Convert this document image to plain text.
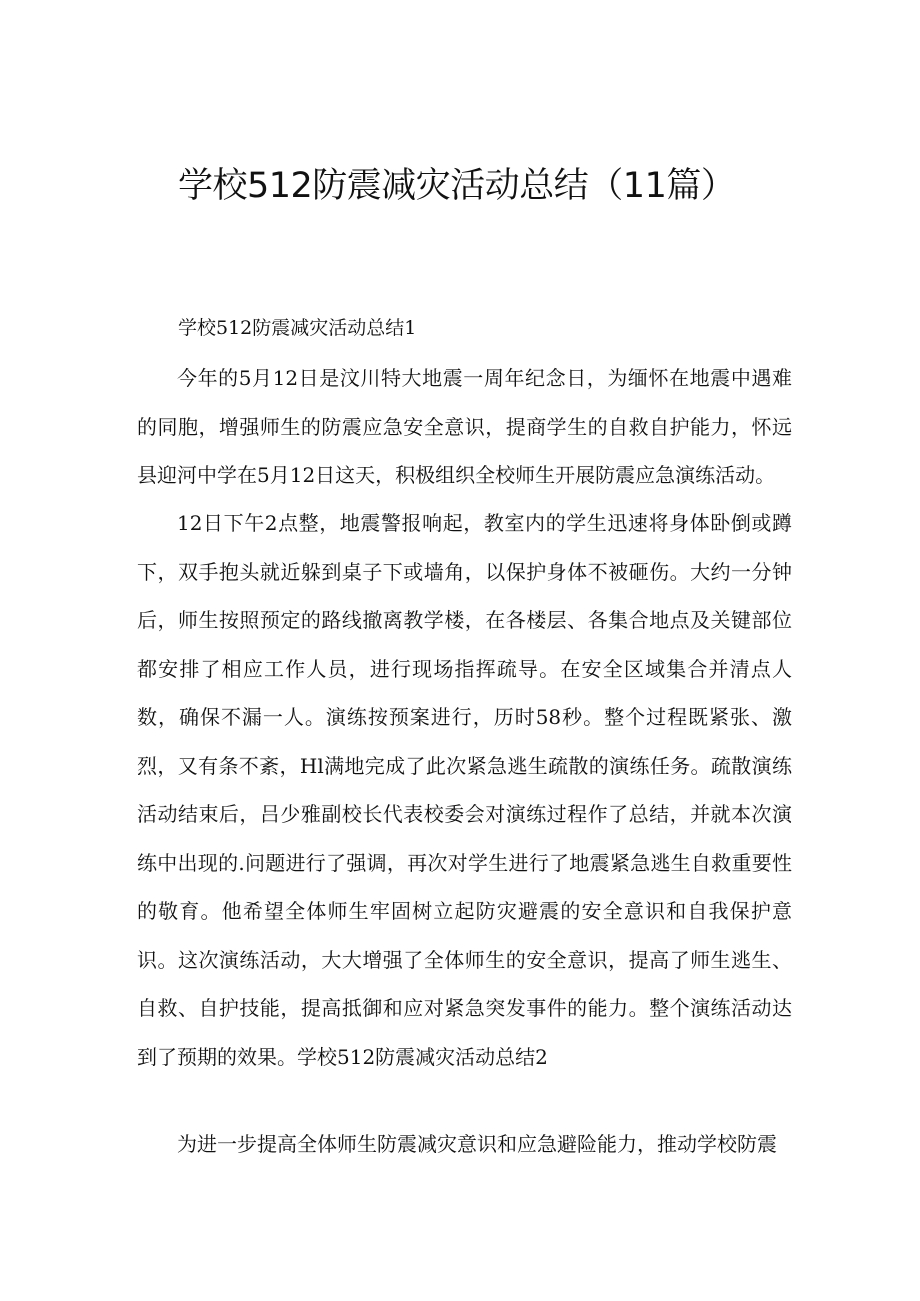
学校512防震减灾活动总结（11篇）

学校512防震减灾活动总结1

今年的5月12日是汶川特大地震一周年纪念日，为缅怀在地震中遇难的同胞，增强师生的防震应急安全意识，提商学生的自救自护能力，怀远县迎河中学在5月12日这天，积极组织全校师生开展防震应急演练活动。

12日下午2点整，地震警报响起，教室内的学生迅速将身体卧倒或蹲下，双手抱头就近躲到桌子下或墙角，以保护身体不被砸伤。大约一分钟后，师生按照预定的路线撤离教学楼，在各楼层、各集合地点及关键部位都安排了相应工作人员，进行现场指挥疏导。在安全区域集合并清点人数，确保不漏一人。演练按预案进行，历时58秒。整个过程既紧张、激烈，又有条不紊，Hl满地完成了此次紧急逃生疏散的演练任务。疏散演练活动结束后，吕少雅副校长代表校委会对演练过程作了总结，并就本次演练中出现的.问题进行了强调，再次对学生进行了地震紧急逃生自救重要性的敬育。他希望全体师生牢固树立起防灾避震的安全意识和自我保护意识。这次演练活动，大大增强了全体师生的安全意识，提高了师生逃生、自救、自护技能，提高抵御和应对紧急突发事件的能力。整个演练活动达到了预期的效果。学校512防震减灾活动总结2

为进一步提高全体师生防震减灾意识和应急避险能力，推动学校防震
